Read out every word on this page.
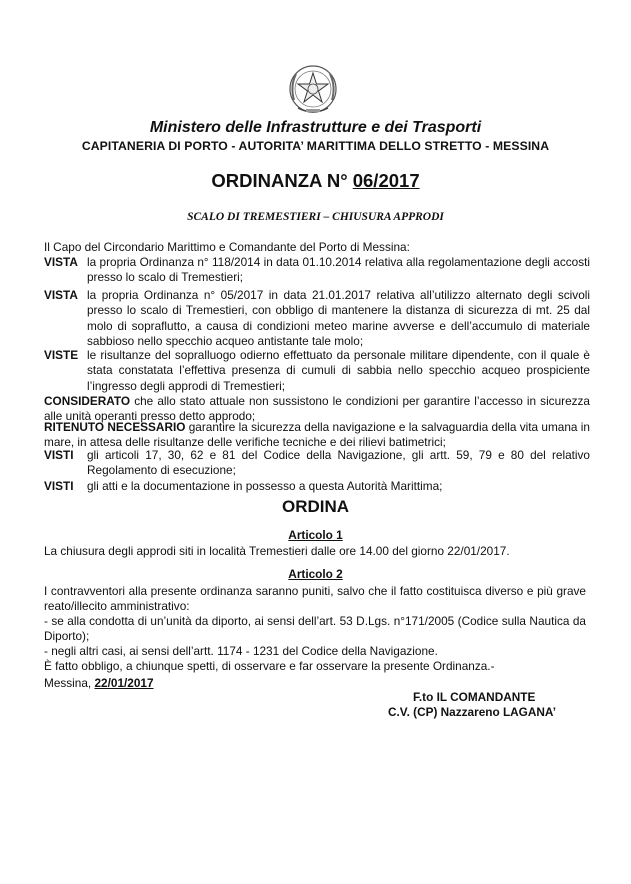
Ministero delle Infrastrutture e dei Trasporti
CAPITANERIA DI PORTO - AUTORITA’ MARITTIMA DELLO STRETTO - MESSINA
ORDINANZA N° 06/2017
SCALO DI TREMESTIERI – CHIUSURA APPRODI
Il Capo del Circondario Marittimo e Comandante del Porto di Messina:
VISTA la propria Ordinanza n° 118/2014 in data 01.10.2014 relativa alla regolamentazione degli accosti presso lo scalo di Tremestieri;
VISTA la propria Ordinanza n° 05/2017 in data 21.01.2017 relativa all’utilizzo alternato degli scivoli presso lo scalo di Tremestieri, con obbligo di mantenere la distanza di sicurezza di mt. 25 dal molo di sopraflutto, a causa di condizioni meteo marine avverse e dell’accumulo di materiale sabbioso nello specchio acqueo antistante tale molo;
VISTE le risultanze del sopralluogo odierno effettuato da personale militare dipendente, con il quale è stata constatata l’effettiva presenza di cumuli di sabbia nello specchio acqueo prospiciente l’ingresso degli approdi di Tremestieri;
CONSIDERATO che allo stato attuale non sussistono le condizioni per garantire l’accesso in sicurezza alle unità operanti presso detto approdo;
RITENUTO NECESSARIO garantire la sicurezza della navigazione e la salvaguardia della vita umana in mare, in attesa delle risultanze delle verifiche tecniche e dei rilievi batimetrici;
VISTI	gli articoli 17, 30, 62 e 81 del Codice della Navigazione, gli artt. 59, 79 e 80 del relativo Regolamento di esecuzione;
VISTI	gli atti e la documentazione in possesso a questa Autorità Marittima;
ORDINA
Articolo 1
La chiusura degli approdi siti in località Tremestieri dalle ore 14.00 del giorno 22/01/2017.
Articolo 2
I contravventori alla presente ordinanza saranno puniti, salvo che il fatto costituisca diverso e più grave reato/illecito amministrativo:
- se alla condotta di un’unità da diporto, ai sensi dell’art. 53 D.Lgs. n°171/2005 (Codice sulla Nautica da Diporto);
- negli altri casi, ai sensi dell’artt. 1174 - 1231 del Codice della Navigazione.
È fatto obbligo, a chiunque spetti, di osservare e far osservare la presente Ordinanza.-
Messina, 22/01/2017
F.to IL COMANDANTE
C.V. (CP) Nazzareno LAGANA’
